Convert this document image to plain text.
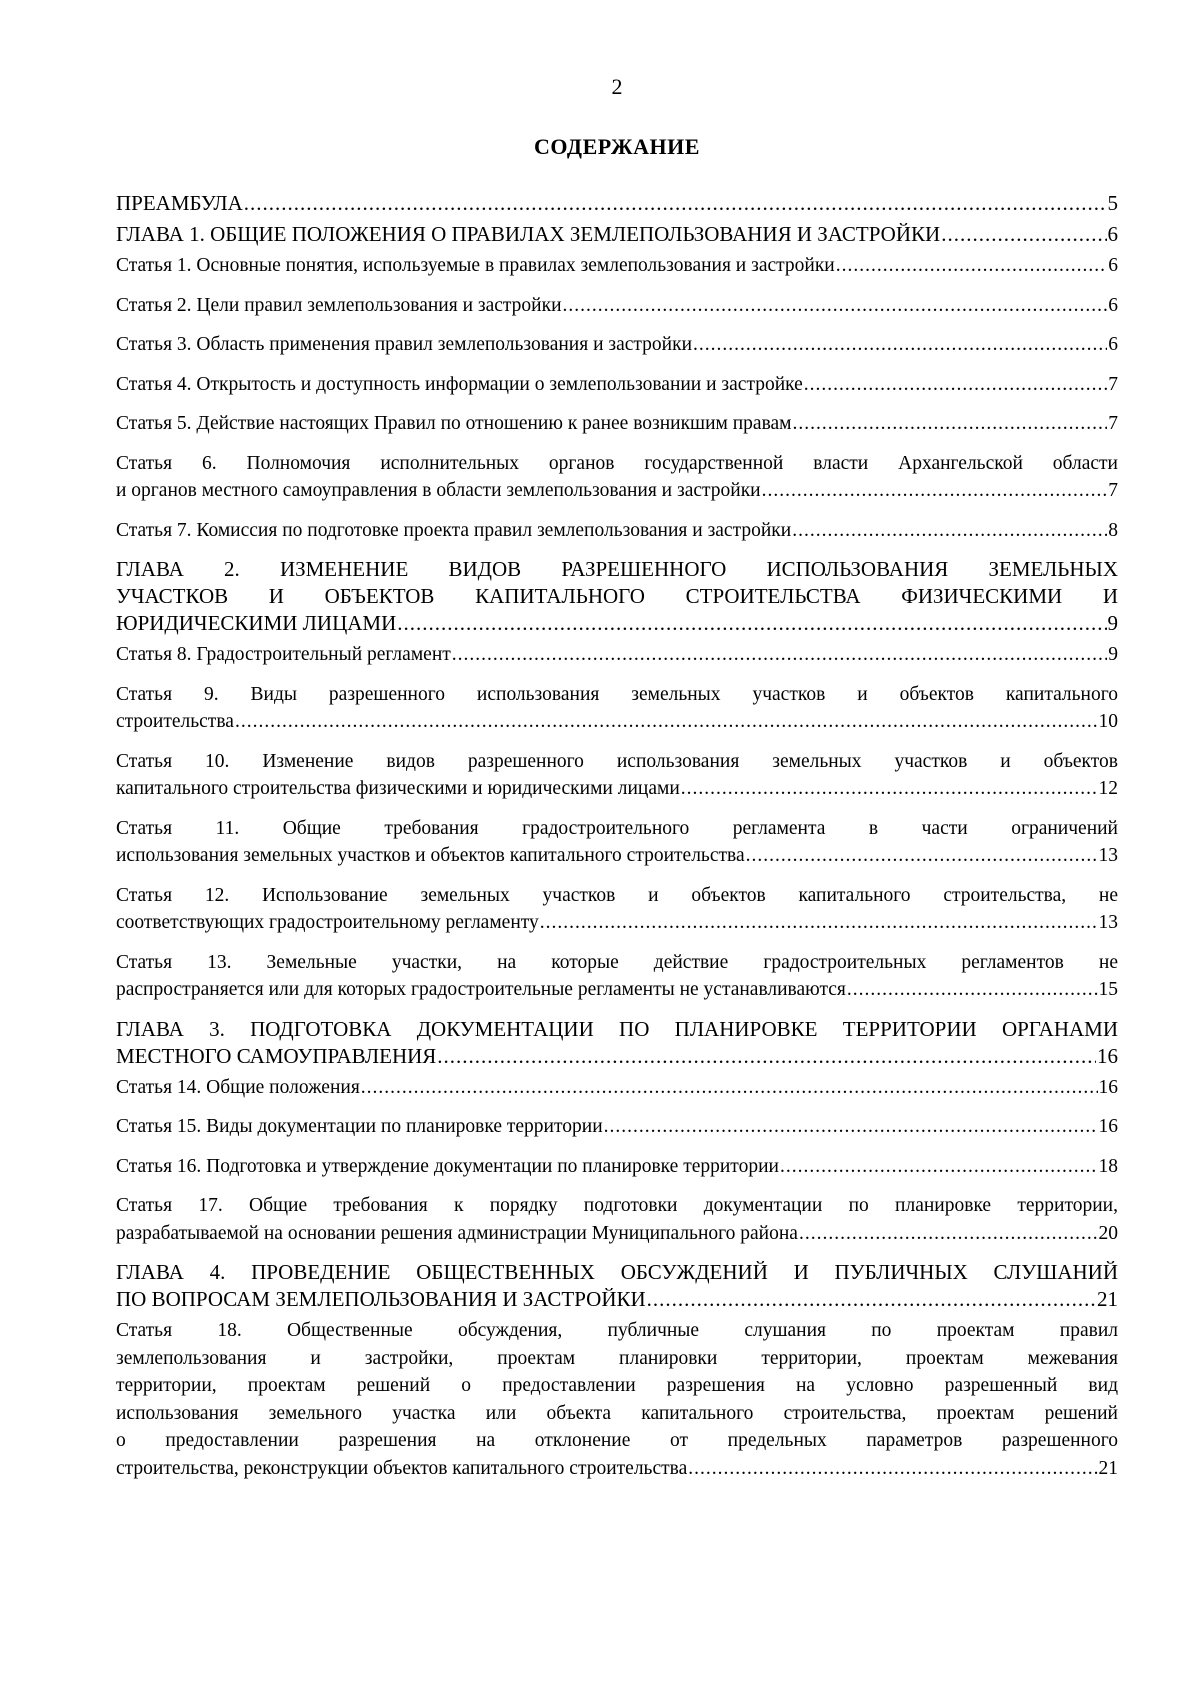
2
СОДЕРЖАНИЕ
ПРЕАМБУЛА .....	5
ГЛАВА 1. ОБЩИЕ ПОЛОЖЕНИЯ О ПРАВИЛАХ ЗЕМЛЕПОЛЬЗОВАНИЯ И ЗАСТРОЙКИ .....	6
Статья 1. Основные понятия, используемые в правилах землепользования и застройки .....	6
Статья 2. Цели правил землепользования и застройки .....	6
Статья 3. Область применения правил землепользования и застройки .....	6
Статья 4. Открытость и доступность информации о землепользовании и застройке .....	7
Статья 5. Действие настоящих Правил по отношению к ранее возникшим правам .....	7
Статья 6. Полномочия исполнительных органов государственной власти Архангельской области
и органов местного самоуправления в области землепользования и застройки .....	7
Статья 7. Комиссия по подготовке проекта правил землепользования и застройки .....	8
ГЛАВА 2. ИЗМЕНЕНИЕ ВИДОВ РАЗРЕШЕННОГО ИСПОЛЬЗОВАНИЯ ЗЕМЕЛЬНЫХ
УЧАСТКОВ И ОБЪЕКТОВ КАПИТАЛЬНОГО СТРОИТЕЛЬСТВА ФИЗИЧЕСКИМИ И
ЮРИДИЧЕСКИМИ ЛИЦАМИ .....	9
Статья 8. Градостроительный регламент .....	9
Статья 9. Виды разрешенного использования земельных участков и объектов капитального
строительства .....	10
Статья 10. Изменение видов разрешенного использования земельных участков и объектов
капитального строительства физическими и юридическими лицами .....	12
Статья 11. Общие требования градостроительного регламента в части ограничений
использования земельных участков и объектов капитального строительства .....	13
Статья 12. Использование земельных участков и объектов капитального строительства, не
соответствующих градостроительному регламенту .....	13
Статья 13. Земельные участки, на которые действие градостроительных регламентов не
распространяется или для которых градостроительные регламенты не устанавливаются .....	15
ГЛАВА 3. ПОДГОТОВКА ДОКУМЕНТАЦИИ ПО ПЛАНИРОВКЕ ТЕРРИТОРИИ ОРГАНАМИ
МЕСТНОГО САМОУПРАВЛЕНИЯ .....	16
Статья 14. Общие положения .....	16
Статья 15. Виды документации по планировке территории .....	16
Статья 16. Подготовка и утверждение документации по планировке территории .....	18
Статья 17. Общие требования к порядку подготовки документации по планировке территории,
разрабатываемой на основании решения администрации Муниципального района .....	20
ГЛАВА 4. ПРОВЕДЕНИЕ ОБЩЕСТВЕННЫХ ОБСУЖДЕНИЙ И ПУБЛИЧНЫХ СЛУШАНИЙ
ПО ВОПРОСАМ ЗЕМЛЕПОЛЬЗОВАНИЯ И ЗАСТРОЙКИ .....	21
Статья 18. Общественные обсуждения, публичные слушания по проектам правил
землепользования и застройки, проектам планировки территории, проектам межевания
территории, проектам решений о предоставлении разрешения на условно разрешенный вид
использования земельного участка или объекта капитального строительства, проектам решений
о предоставлении разрешения на отклонение от предельных параметров разрешенного
строительства, реконструкции объектов капитального строительства .....	21
